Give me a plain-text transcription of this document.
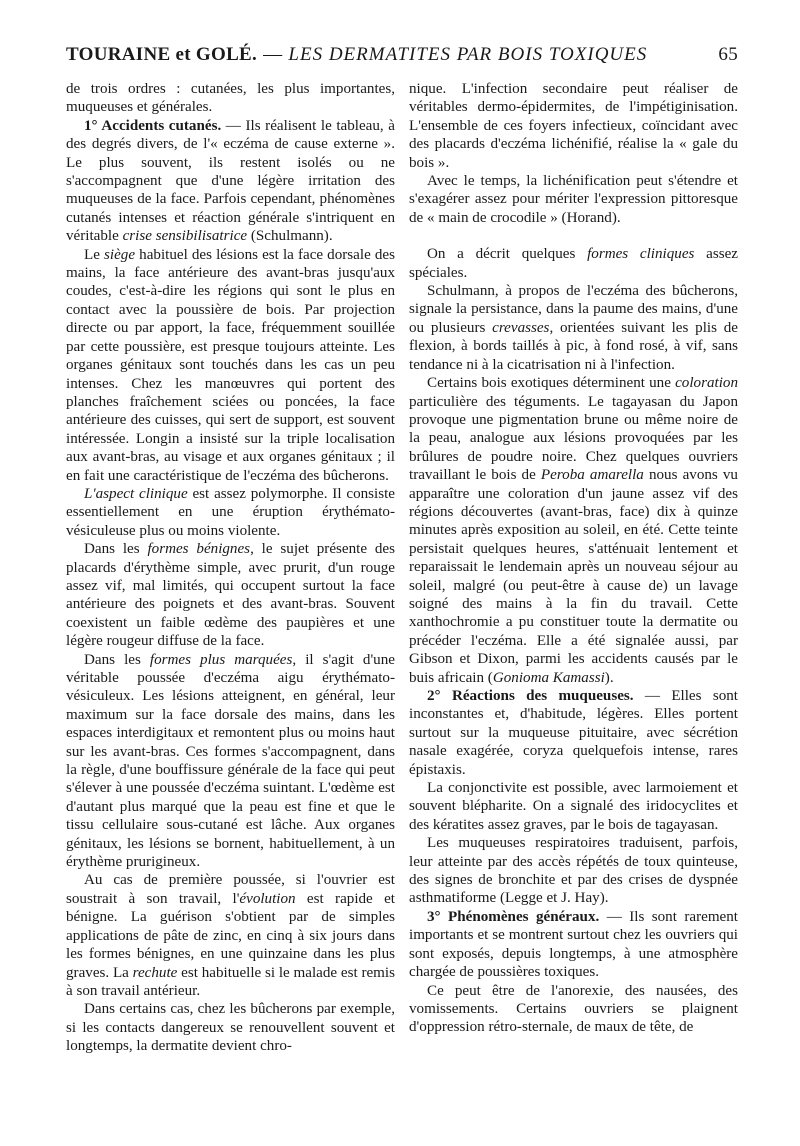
TOURAINE et GOLÉ. — LES DERMATITES PAR BOIS TOXIQUES	65

de trois ordres : cutanées, les plus importantes, muqueuses et générales.

1° Accidents cutanés. — Ils réalisent le tableau, à des degrés divers, de l'« eczéma de cause externe ». Le plus souvent, ils restent isolés ou ne s'accompagnent que d'une légère irritation des muqueuses de la face. Parfois cependant, phénomènes cutanés intenses et réaction générale s'intriquent en véritable crise sensibilisatrice (Schulmann).

Le siège habituel des lésions est la face dorsale des mains, la face antérieure des avant-bras jusqu'aux coudes, c'est-à-dire les régions qui sont le plus en contact avec la poussière de bois. Par projection directe ou par apport, la face, fréquemment souillée par cette poussière, est presque toujours atteinte. Les organes génitaux sont touchés dans les cas un peu intenses. Chez les manœuvres qui portent des planches fraîchement sciées ou poncées, la face antérieure des cuisses, qui sert de support, est souvent intéressée. Longin a insisté sur la triple localisation aux avant-bras, au visage et aux organes génitaux ; il en fait une caractéristique de l'eczéma des bûcherons.

L'aspect clinique est assez polymorphe. Il consiste essentiellement en une éruption érythémato-vésiculeuse plus ou moins violente.

Dans les formes bénignes, le sujet présente des placards d'érythème simple, avec prurit, d'un rouge assez vif, mal limités, qui occupent surtout la face antérieure des poignets et des avant-bras. Souvent coexistent un faible œdème des paupières et une légère rougeur diffuse de la face.

Dans les formes plus marquées, il s'agit d'une véritable poussée d'eczéma aigu érythémato-vésiculeux. Les lésions atteignent, en général, leur maximum sur la face dorsale des mains, dans les espaces interdigitaux et remontent plus ou moins haut sur les avant-bras. Ces formes s'accompagnent, dans la règle, d'une bouffissure générale de la face qui peut s'élever à une poussée d'eczéma suintant. L'œdème est d'autant plus marqué que la peau est fine et que le tissu cellulaire sous-cutané est lâche. Aux organes génitaux, les lésions se bornent, habituellement, à un érythème prurigineux.

Au cas de première poussée, si l'ouvrier est soustrait à son travail, l'évolution est rapide et bénigne. La guérison s'obtient par de simples applications de pâte de zinc, en cinq à six jours dans les formes bénignes, en une quinzaine dans les plus graves. La rechute est habituelle si le malade est remis à son travail antérieur.

Dans certains cas, chez les bûcherons par exemple, si les contacts dangereux se renouvellent souvent et longtemps, la dermatite devient chro-

nique. L'infection secondaire peut réaliser de véritables dermo-épidermites, de l'impétiginisation. L'ensemble de ces foyers infectieux, coïncidant avec des placards d'eczéma lichénifié, réalise la « gale du bois ».

Avec le temps, la lichénification peut s'étendre et s'exagérer assez pour mériter l'expression pittoresque de « main de crocodile » (Horand).

On a décrit quelques formes cliniques assez spéciales.

Schulmann, à propos de l'eczéma des bûcherons, signale la persistance, dans la paume des mains, d'une ou plusieurs crevasses, orientées suivant les plis de flexion, à bords taillés à pic, à fond rosé, à vif, sans tendance ni à la cicatrisation ni à l'infection.

Certains bois exotiques déterminent une coloration particulière des téguments. Le tagayasan du Japon provoque une pigmentation brune ou même noire de la peau, analogue aux lésions provoquées par les brûlures de poudre noire. Chez quelques ouvriers travaillant le bois de Peroba amarella nous avons vu apparaître une coloration d'un jaune assez vif des régions découvertes (avant-bras, face) dix à quinze minutes après exposition au soleil, en été. Cette teinte persistait quelques heures, s'atténuait lentement et reparaissait le lendemain après un nouveau séjour au soleil, malgré (ou peut-être à cause de) un lavage soigné des mains à la fin du travail. Cette xanthochromie a pu constituer toute la dermatite ou précéder l'eczéma. Elle a été signalée aussi, par Gibson et Dixon, parmi les accidents causés par le buis africain (Gonioma Kamassi).

2° Réactions des muqueuses. — Elles sont inconstantes et, d'habitude, légères. Elles portent surtout sur la muqueuse pituitaire, avec sécrétion nasale exagérée, coryza quelquefois intense, rares épistaxis.

La conjonctivite est possible, avec larmoiement et souvent blépharite. On a signalé des iridocyclites et des kératites assez graves, par le bois de tagayasan.

Les muqueuses respiratoires traduisent, parfois, leur atteinte par des accès répétés de toux quinteuse, des signes de bronchite et par des crises de dyspnée asthmatiforme (Legge et J. Hay).

3° Phénomènes généraux. — Ils sont rarement importants et se montrent surtout chez les ouvriers qui sont exposés, depuis longtemps, à une atmosphère chargée de poussières toxiques.

Ce peut être de l'anorexie, des nausées, des vomissements. Certains ouvriers se plaignent d'oppression rétro-sternale, de maux de tête, de
